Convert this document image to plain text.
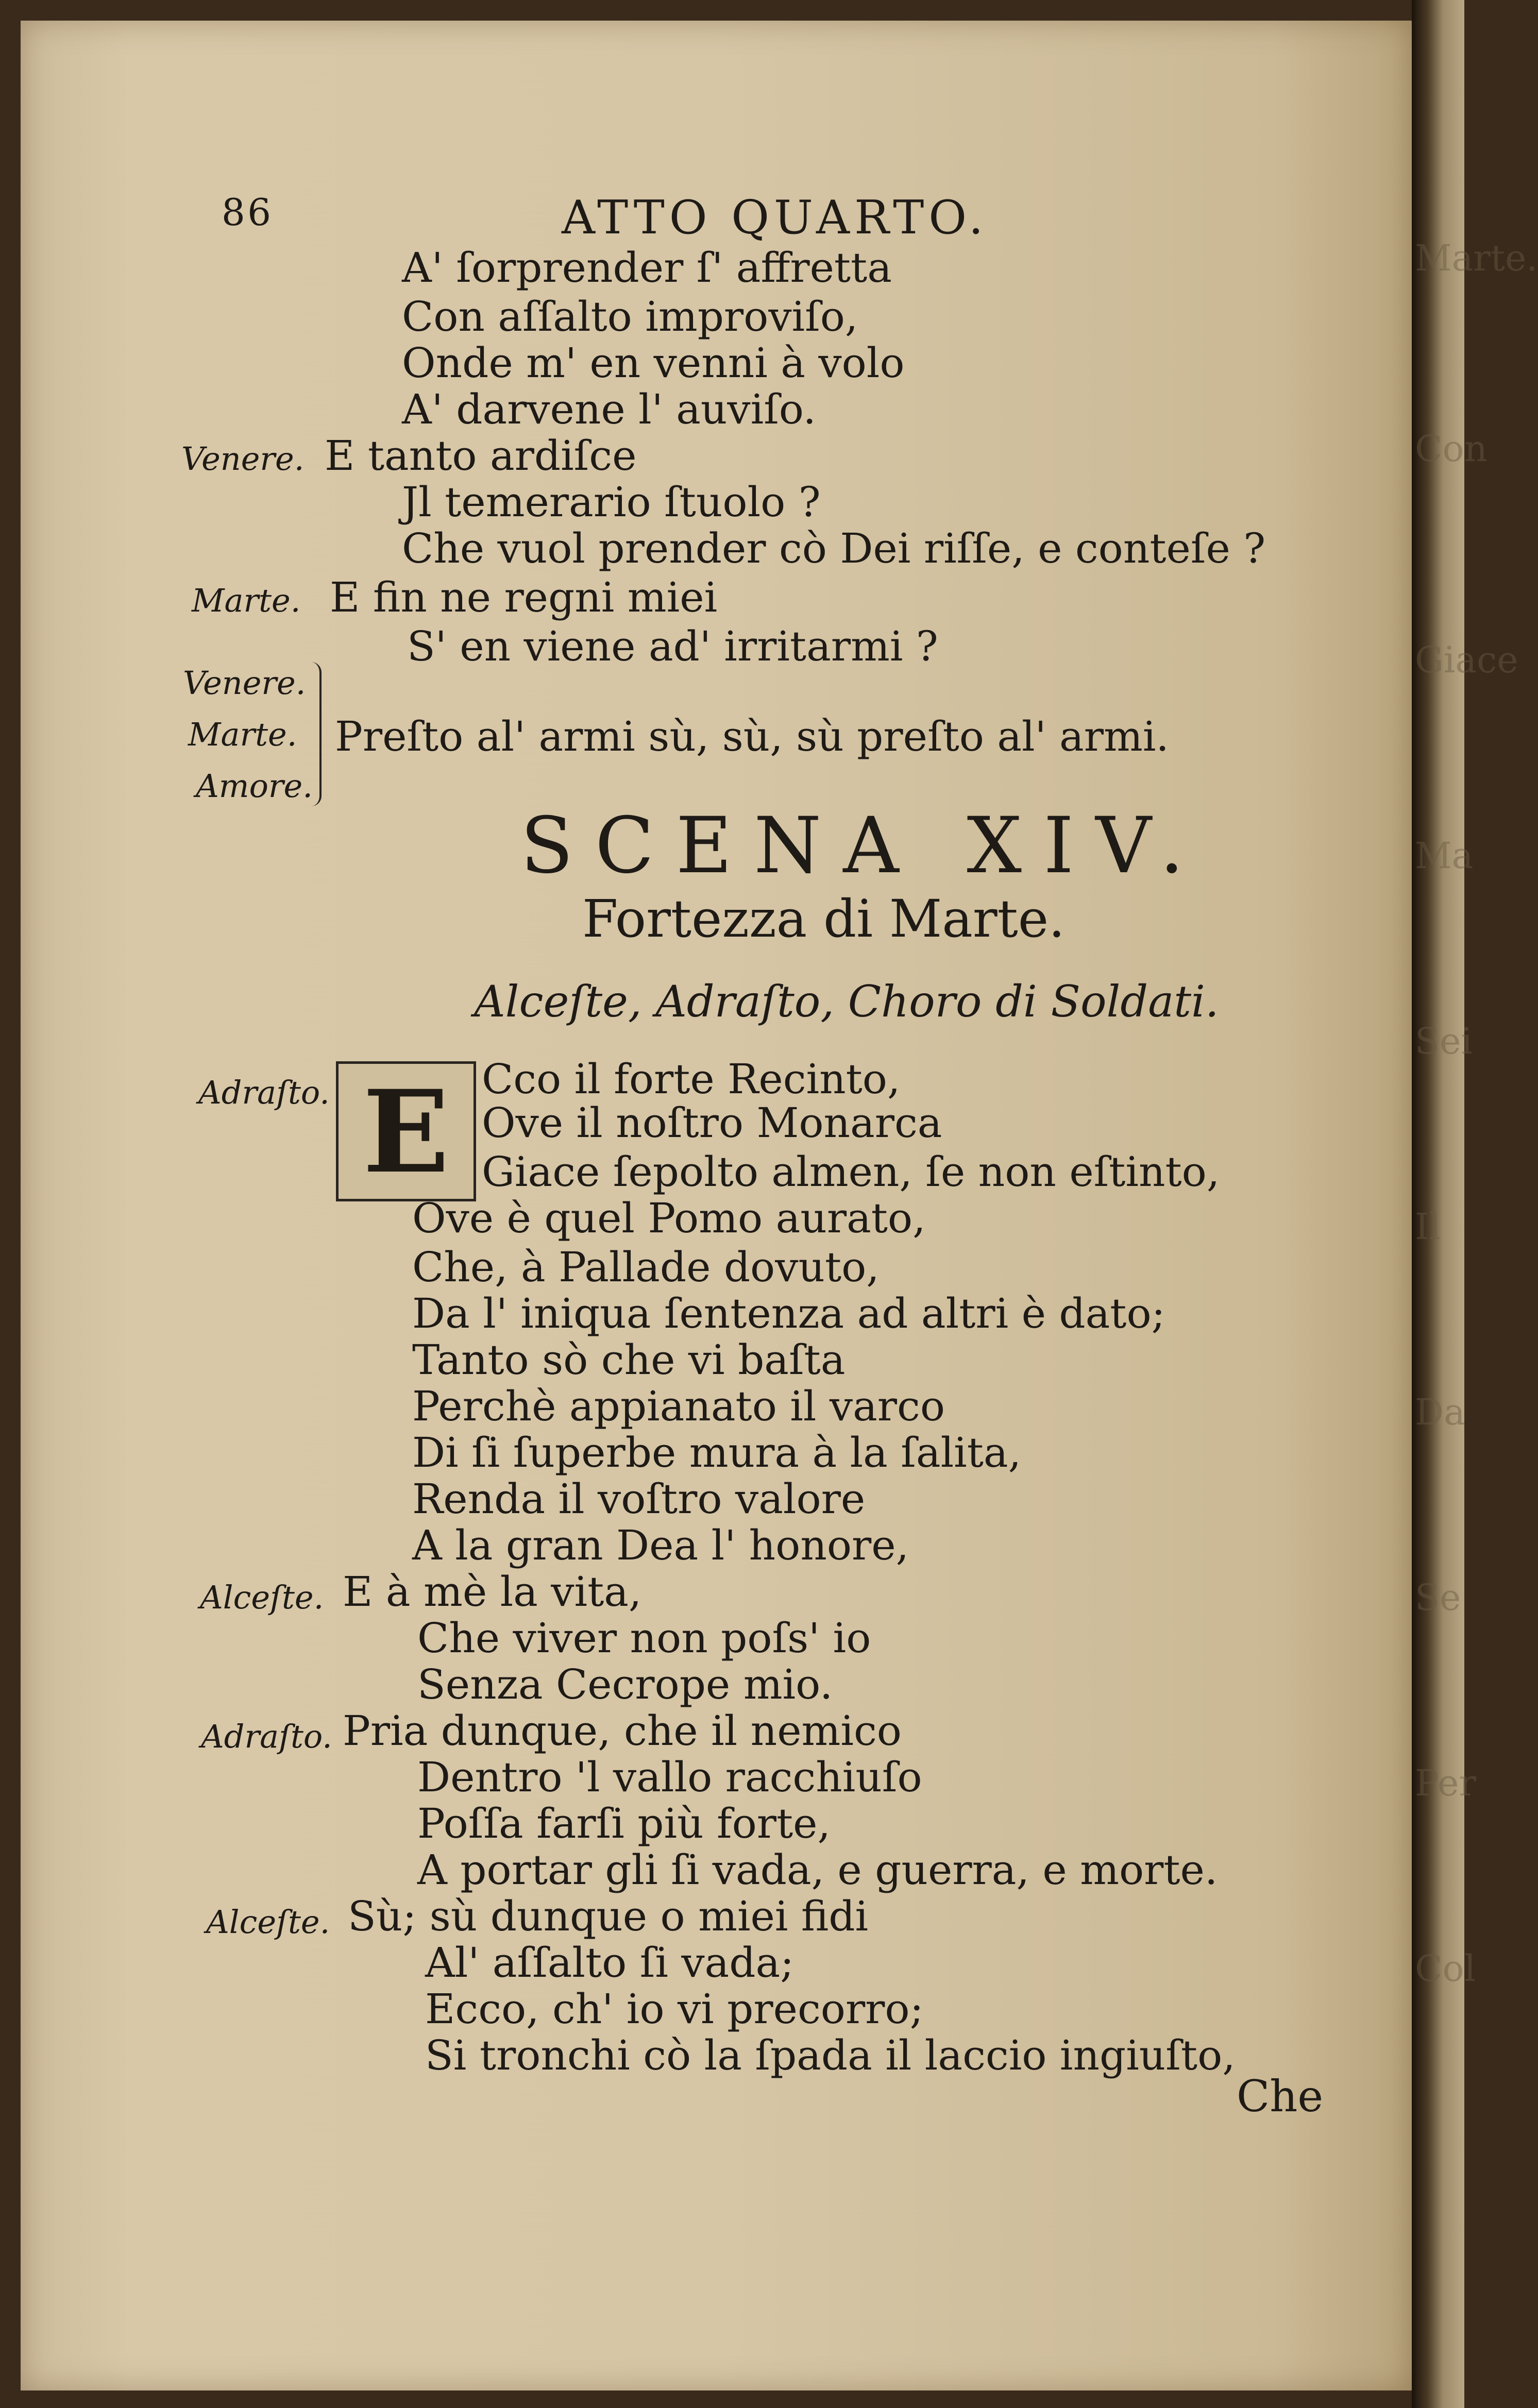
Marte.
Con
Giace
Ma
Sei
Il
Da
Se
Per
Col
86	ATTO QUARTO.
A' ſorprender ſ' affretta
Con aſſalto improviſo,
Onde m' en venni à volo
A' darvene l' auviſo.
Venere. E tanto ardiſce
Jl temerario ſtuolo ?
Che vuol prender cò Dei riſſe, e conteſe ?
Marte. E fin ne regni miei
S' en viene ad' irritarmi ?
Venere.
Marte.
Amore.
Preſto al' armi sù, sù, sù preſto al' armi.
SCENA XIV.
Fortezza di Marte.
Alceſte, Adraſto, Choro di Soldati.
E
Adraſto.	Cco il forte Recinto,
Ove il noſtro Monarca
Giace ſepolto almen, ſe non eſtinto,
Ove è quel Pomo aurato,
Che, à Pallade dovuto,
Da l' iniqua ſentenza ad altri è dato;
Tanto sò che vi baſta
Perchè appianato il varco
Di ſi ſuperbe mura à la ſalita,
Renda il voſtro valore
A la gran Dea l' honore,
Alceſte. E à mè la vita,
Che viver non poſs' io
Senza Cecrope mio.
Adraſto. Pria dunque, che il nemico
Dentro 'l vallo racchiuſo
Poſſa farſi più forte,
A portar gli ſi vada, e guerra, e morte.
Alceſte. Sù; sù dunque o miei fidi
Al' aſſalto ſi vada;
Ecco, ch' io vi precorro;
Si tronchi cò la ſpada il laccio ingiuſto,
Che
